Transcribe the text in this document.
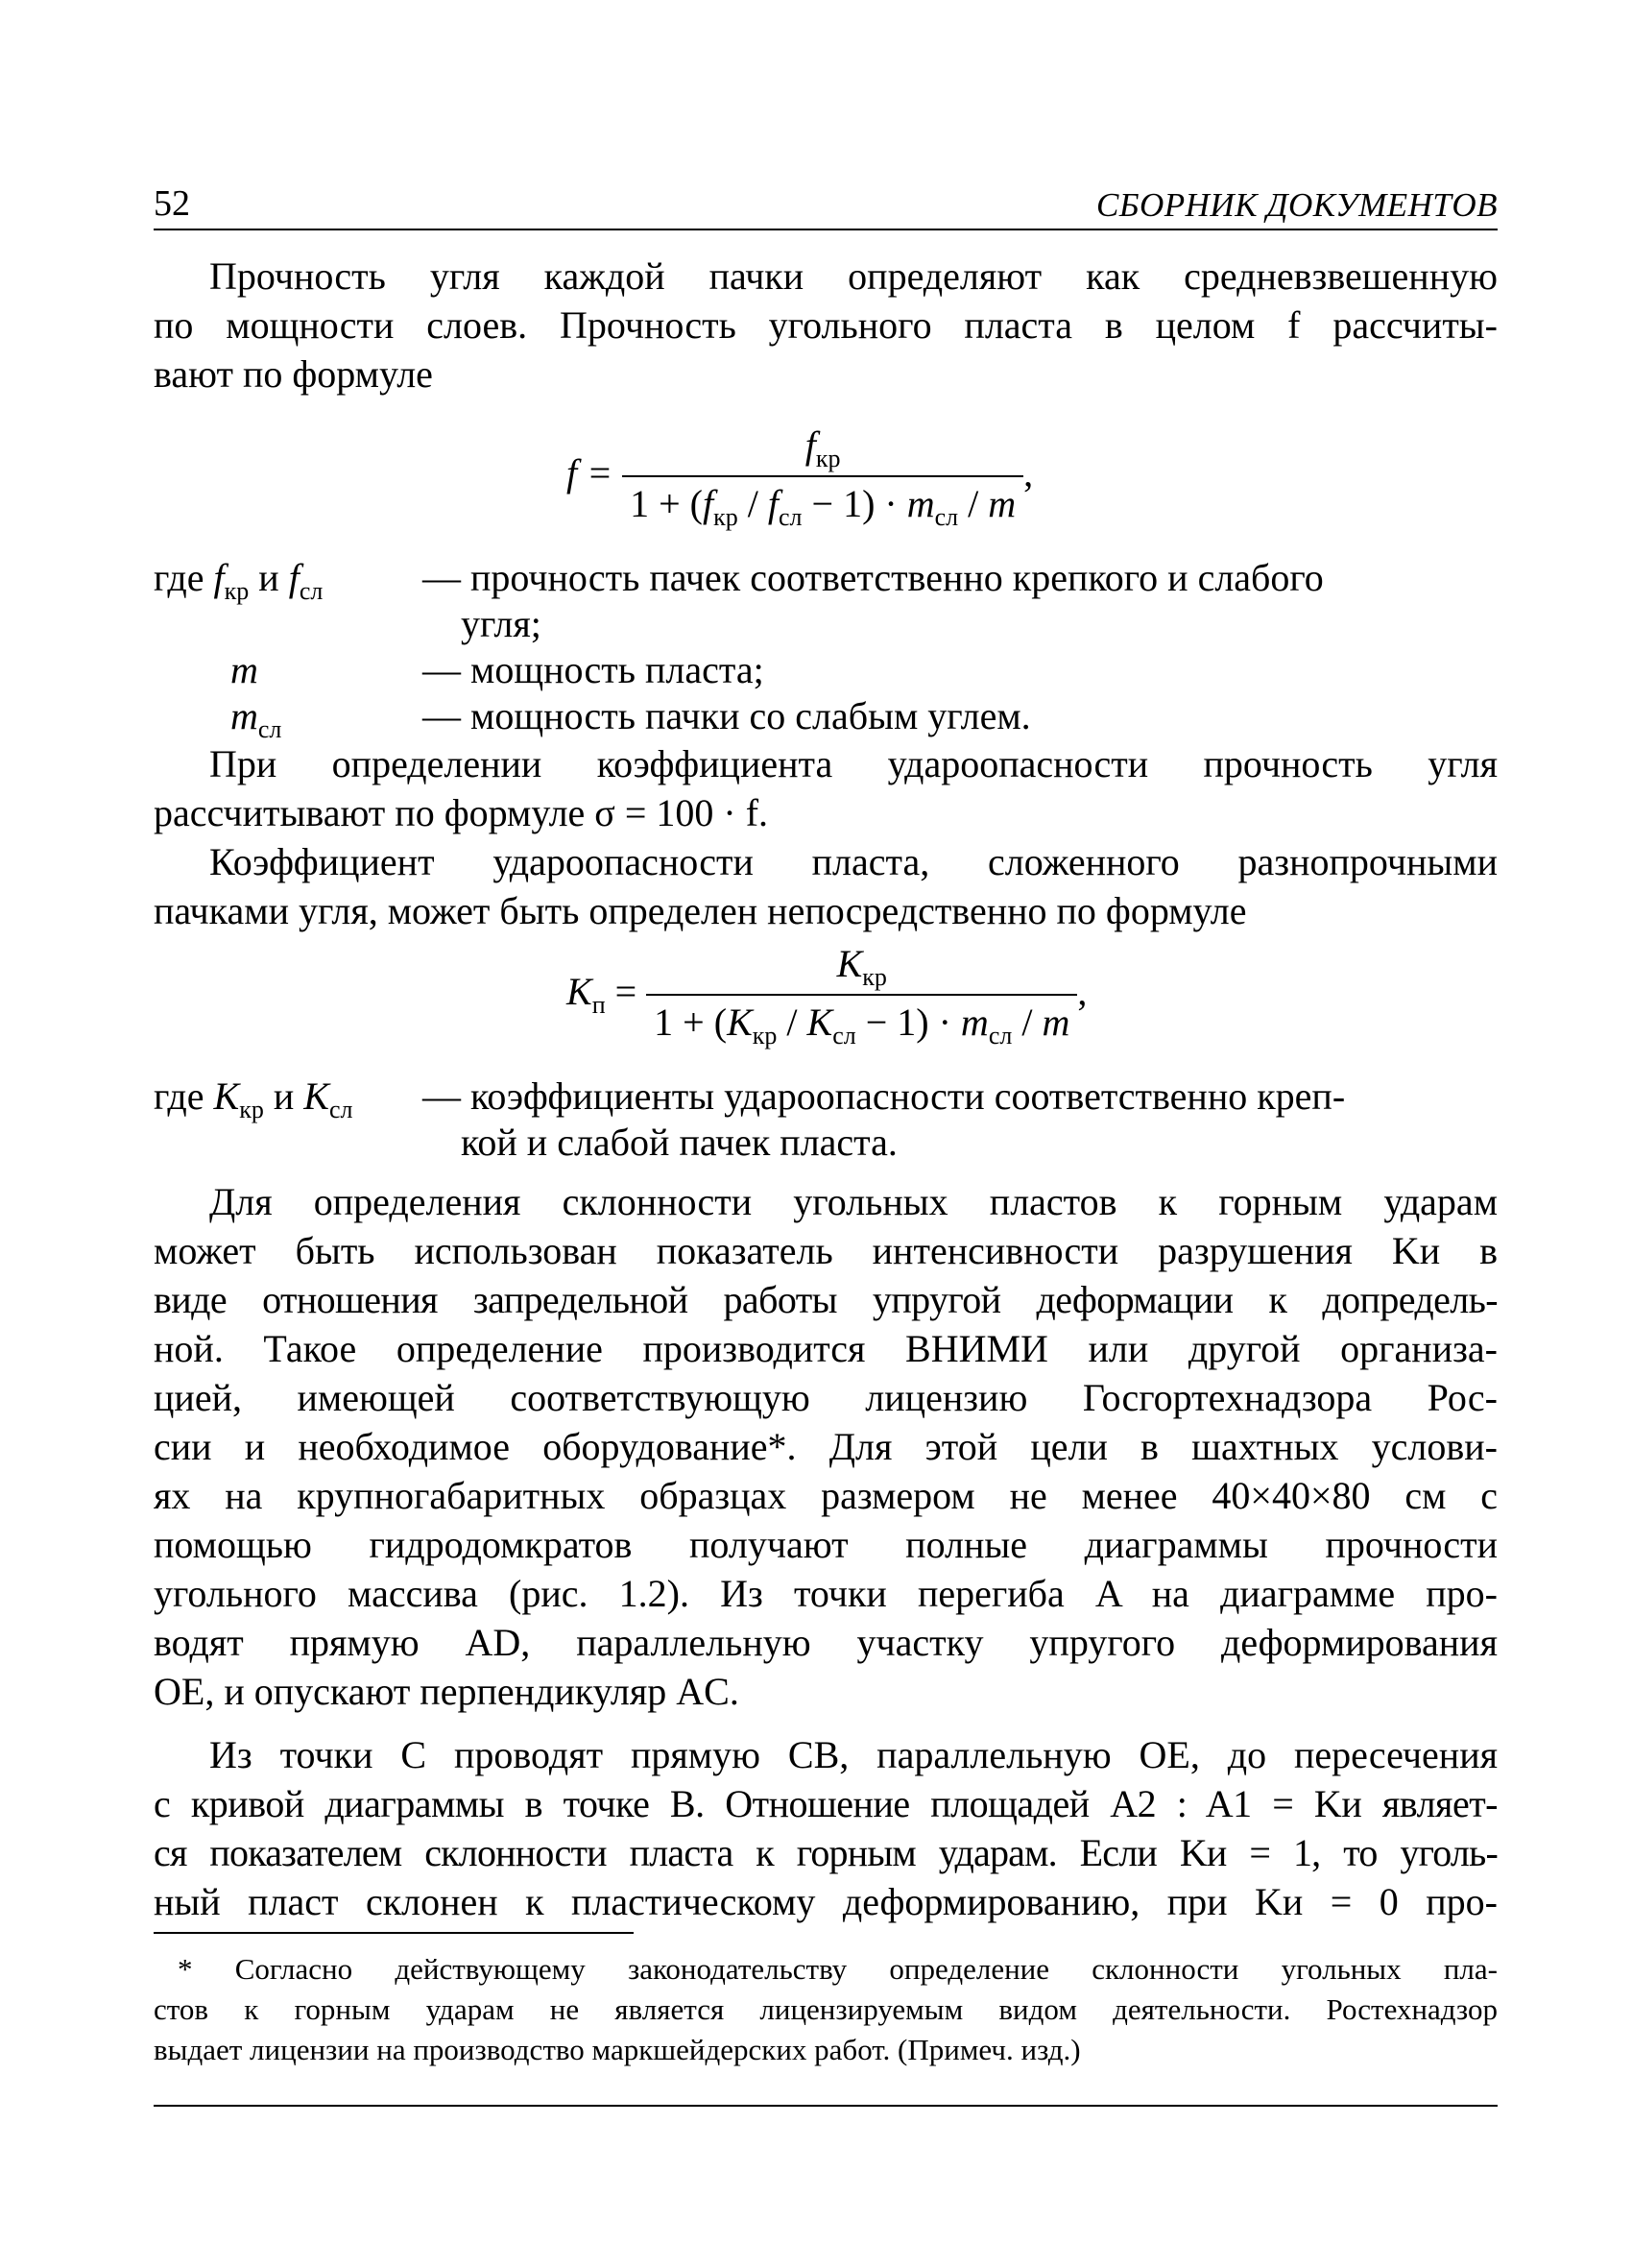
52	СБОРНИК ДОКУМЕНТОВ
Прочность угля каждой пачки определяют как средневзвешенную
по мощности слоев. Прочность угольного пласта в целом f рассчиты-
вают по формуле
$f = \frac{f_{кр}}{1 + (f_{кр} / f_{сл} - 1) \cdot m_{сл} / m}$ ,
где $f_{кр}$ и $f_{сл}$	— прочность пачек соответственно крепкого и слабого
угля;
m	— мощность пласта;
$m_{сл}$	— мощность пачки со слабым углем.
При определении коэффициента удароопасности прочность угля
рассчитывают по формуле σ = 100 · f.
Коэффициент удароопасности пласта, сложенного разнопрочными
пачками угля, может быть определен непосредственно по формуле
$K_п = \frac{K_{кр}}{1 + (K_{кр} / K_{сл} - 1) \cdot m_{сл} / m}$ ,
где $K_{кр}$ и $K_{сл}$	— коэффициенты удароопасности соответственно креп-
кой и слабой пачек пласта.
Для определения склонности угольных пластов к горным ударам
может быть использован показатель интенсивности разрушения Kи в
виде отношения запредельной работы упругой деформации к допредель-
ной. Такое определение производится ВНИМИ или другой организа-
цией, имеющей соответствующую лицензию Госгортехнадзора Рос-
сии и необходимое оборудование*. Для этой цели в шахтных услови-
ях на крупногабаритных образцах размером не менее 40×40×80 см с
помощью гидродомкратов получают полные диаграммы прочности
угольного массива (рис. 1.2). Из точки перегиба A на диаграмме про-
водят прямую AD, параллельную участку упругого деформирования
OE, и опускают перпендикуляр AC.
Из точки C проводят прямую CB, параллельную OE, до пересечения
с кривой диаграммы в точке B. Отношение площадей A2 : A1 = Kи являет-
ся показателем склонности пласта к горным ударам. Если Kи = 1, то уголь-
ный пласт склонен к пластическому деформированию, при Kи = 0 про-
* Согласно действующему законодательству определение склонности угольных пла-
стов к горным ударам не является лицензируемым видом деятельности. Ростехнадзор
выдает лицензии на производство маркшейдерских работ. (Примеч. изд.)
